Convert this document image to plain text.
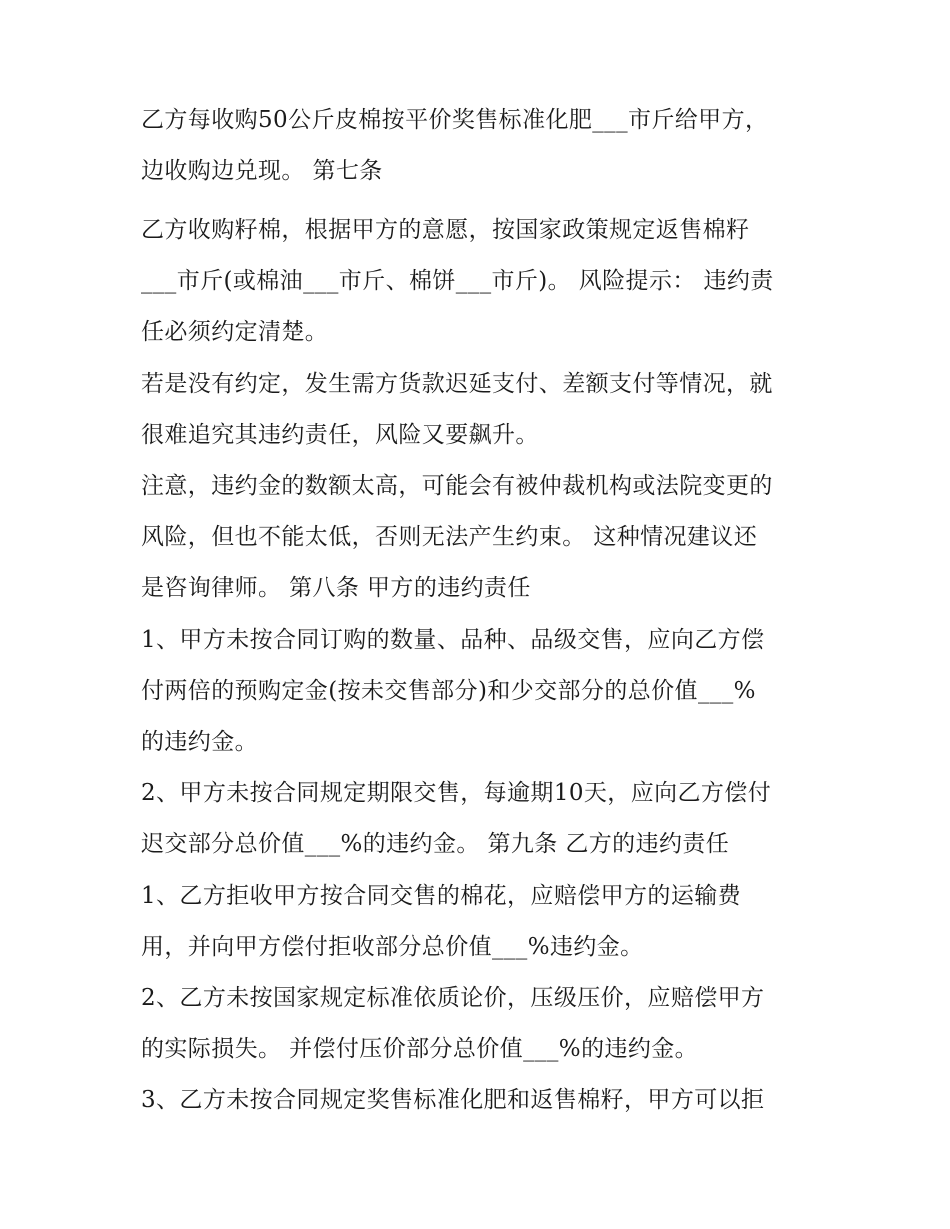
乙方每收购50公斤皮棉按平价奖售标准化肥___市斤给甲方，
边收购边兑现。 第七条
乙方收购籽棉，根据甲方的意愿，按国家政策规定返售棉籽
___市斤(或棉油___市斤、棉饼___市斤)。 风险提示： 违约责
任必须约定清楚。
若是没有约定，发生需方货款迟延支付、差额支付等情况，就
很难追究其违约责任，风险又要飙升。
注意，违约金的数额太高，可能会有被仲裁机构或法院变更的
风险，但也不能太低，否则无法产生约束。 这种情况建议还
是咨询律师。 第八条 甲方的违约责任
1、甲方未按合同订购的数量、品种、品级交售，应向乙方偿
付两倍的预购定金(按未交售部分)和少交部分的总价值___%
的违约金。
2、甲方未按合同规定期限交售，每逾期10天，应向乙方偿付
迟交部分总价值___%的违约金。 第九条 乙方的违约责任
1、乙方拒收甲方按合同交售的棉花，应赔偿甲方的运输费
用，并向甲方偿付拒收部分总价值___%违约金。
2、乙方未按国家规定标准依质论价，压级压价，应赔偿甲方
的实际损失。 并偿付压价部分总价值___%的违约金。
3、乙方未按合同规定奖售标准化肥和返售棉籽，甲方可以拒
